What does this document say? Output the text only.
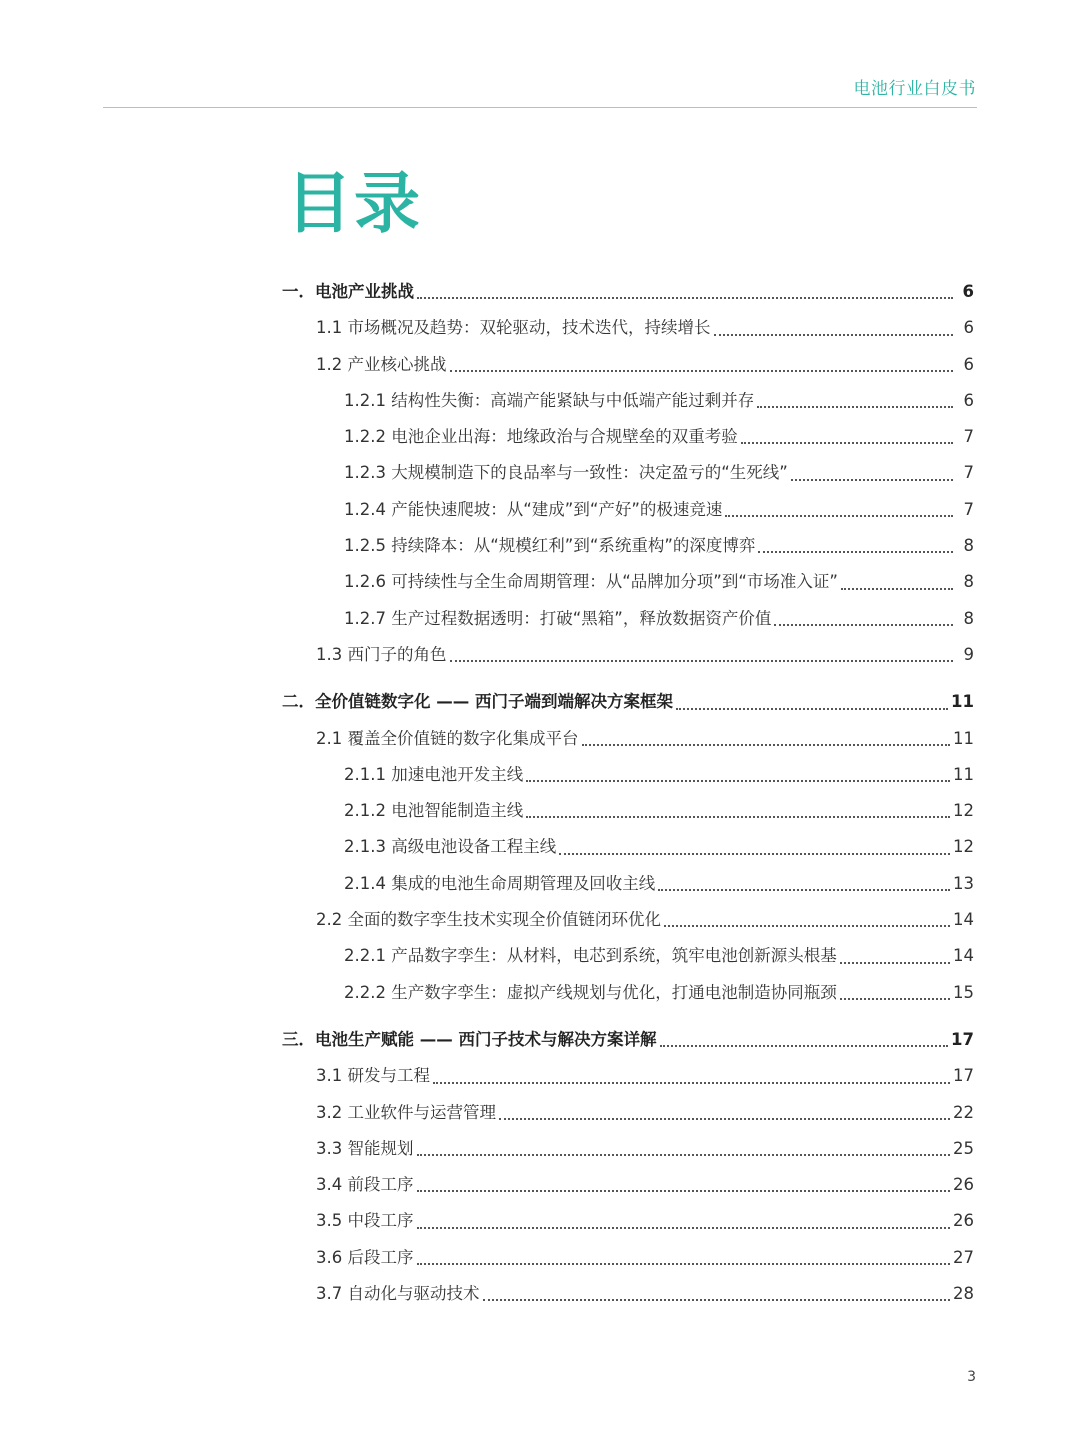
电池行业白皮书
目录
一．电池产业挑战	6
1.1 市场概况及趋势：双轮驱动，技术迭代，持续增长	6
1.2 产业核心挑战	6
1.2.1 结构性失衡：高端产能紧缺与中低端产能过剩并存	6
1.2.2 电池企业出海：地缘政治与合规壁垒的双重考验	7
1.2.3 大规模制造下的良品率与一致性：决定盈亏的“生死线”	7
1.2.4 产能快速爬坡：从“建成”到“产好”的极速竞速	7
1.2.5 持续降本：从“规模红利”到“系统重构”的深度博弈	8
1.2.6 可持续性与全生命周期管理：从“品牌加分项”到“市场准入证”	8
1.2.7 生产过程数据透明：打破“黑箱”，释放数据资产价值	8
1.3 西门子的角色	9
二．全价值链数字化 —— 西门子端到端解决方案框架	11
2.1 覆盖全价值链的数字化集成平台	11
2.1.1 加速电池开发主线	11
2.1.2 电池智能制造主线	12
2.1.3 高级电池设备工程主线	12
2.1.4 集成的电池生命周期管理及回收主线	13
2.2 全面的数字孪生技术实现全价值链闭环优化	14
2.2.1 产品数字孪生：从材料，电芯到系统，筑牢电池创新源头根基	14
2.2.2 生产数字孪生：虚拟产线规划与优化，打通电池制造协同瓶颈	15
三．电池生产赋能 —— 西门子技术与解决方案详解	17
3.1 研发与工程	17
3.2 工业软件与运营管理	22
3.3 智能规划	25
3.4 前段工序	26
3.5 中段工序	26
3.6 后段工序	27
3.7 自动化与驱动技术	28
3
